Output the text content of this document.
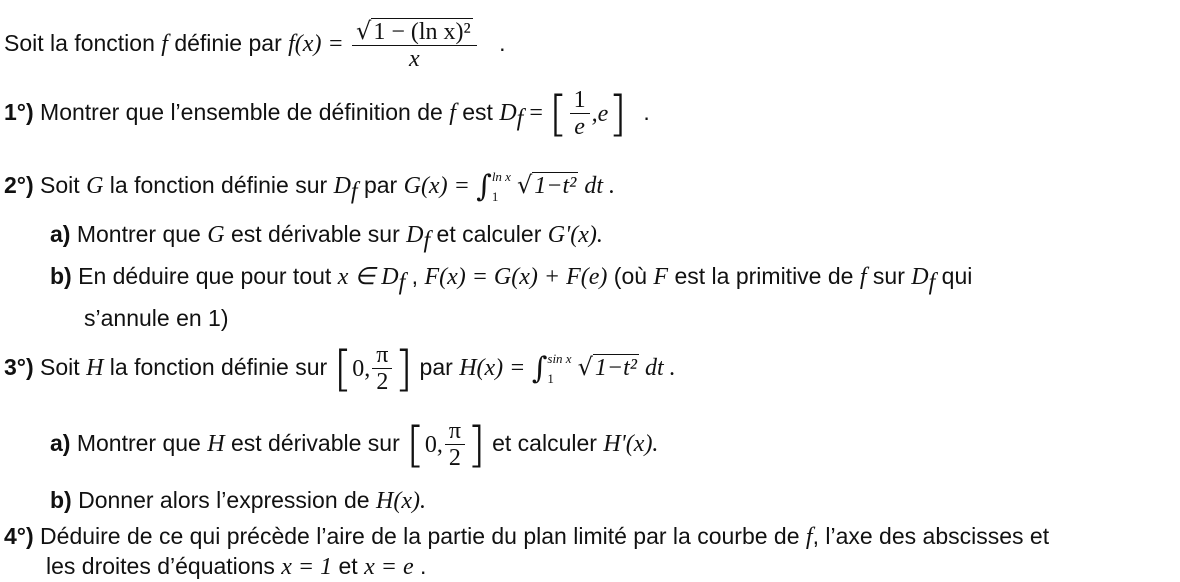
Soit la fonction f définie par $f(x) = \frac{\text{√1 − (ln x)²}}{x}$ .
1°) Montrer que l’ensemble de définition de f est $D_f$ = [ $\frac{1}{e} ,e$ ] .
2°) Soit G la fonction définie sur $D_f$ par G(x) = ∫ ln x
1 √1−t² dt .
a) Montrer que G est dérivable sur $D_f$ et calculer G'(x).
b) En déduire que pour tout x ∈ $D_f$ , F(x) = G(x) + F(e) (où F est la primitive de f sur $D_f$ qui
s’annule en 1)
3°) Soit H la fonction définie sur [ 0, $\frac{\pi}{2}$ ] par H(x) = ∫ sin x
1 √1−t² dt .
a) Montrer que H est dérivable sur [ 0, $\frac{\pi}{2}$ ] et calculer H'(x).
b) Donner alors l’expression de H(x).
4°) Déduire de ce qui précède l’aire de la partie du plan limité par la courbe de f, l’axe des abscisses et
les droites d’équations x = 1 et x = e .
